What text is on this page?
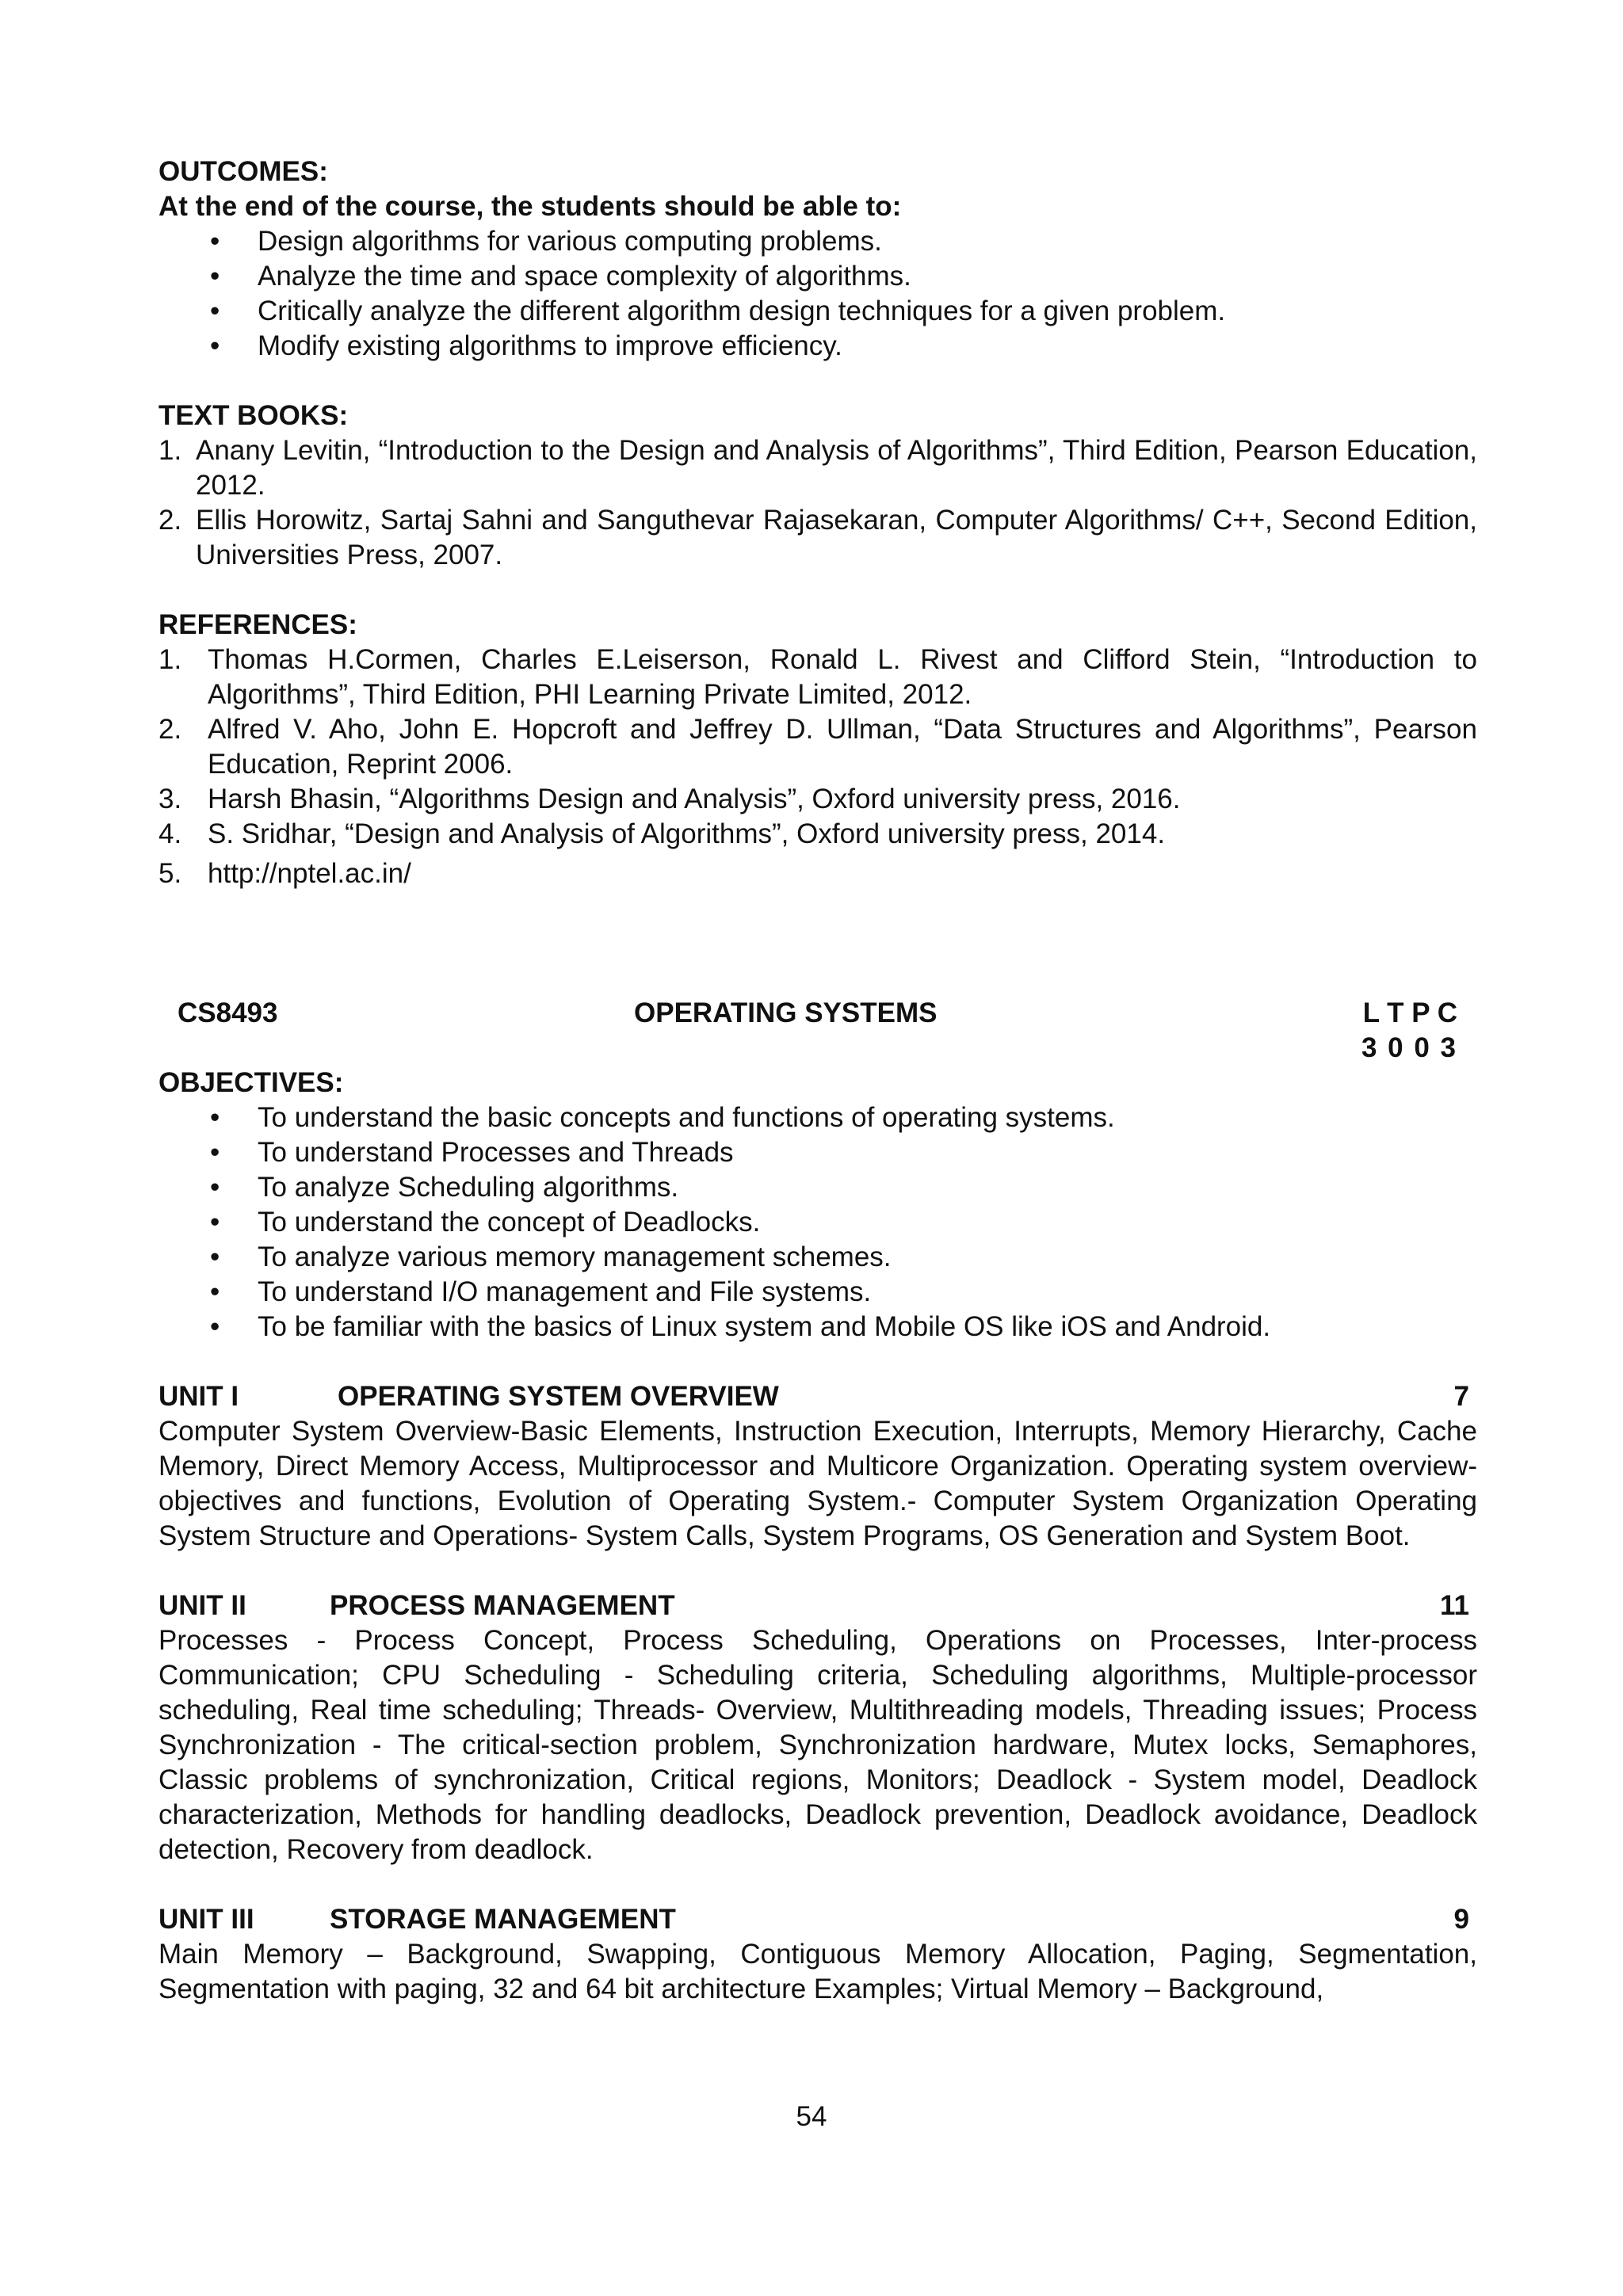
OUTCOMES:
At the end of the course, the students should be able to:
• Design algorithms for various computing problems.
• Analyze the time and space complexity of algorithms.
• Critically analyze the different algorithm design techniques for a given problem.
• Modify existing algorithms to improve efficiency.
TEXT BOOKS:
1. Anany Levitin, “Introduction to the Design and Analysis of Algorithms”, Third Edition, Pearson Education, 2012.
2. Ellis Horowitz, Sartaj Sahni and Sanguthevar Rajasekaran, Computer Algorithms/ C++, Second Edition, Universities Press, 2007.
REFERENCES:
1. Thomas H.Cormen, Charles E.Leiserson, Ronald L. Rivest and Clifford Stein, “Introduction to Algorithms”, Third Edition, PHI Learning Private Limited, 2012.
2. Alfred V. Aho, John E. Hopcroft and Jeffrey D. Ullman, “Data Structures and Algorithms”, Pearson Education, Reprint 2006.
3. Harsh Bhasin, “Algorithms Design and Analysis”, Oxford university press, 2016.
4. S. Sridhar, “Design and Analysis of Algorithms”, Oxford university press, 2014.
5. http://nptel.ac.in/
CS8493	OPERATING SYSTEMS	L T P C
3 0 0 3
OBJECTIVES:
• To understand the basic concepts and functions of operating systems.
• To understand Processes and Threads
• To analyze Scheduling algorithms.
• To understand the concept of Deadlocks.
• To analyze various memory management schemes.
• To understand I/O management and File systems.
• To be familiar with the basics of Linux system and Mobile OS like iOS and Android.
UNIT I	OPERATING SYSTEM OVERVIEW	7

Computer System Overview-Basic Elements, Instruction Execution, Interrupts, Memory Hierarchy, Cache Memory, Direct Memory Access, Multiprocessor and Multicore Organization. Operating system overview-objectives and functions, Evolution of Operating System.- Computer System Organization Operating System Structure and Operations- System Calls, System Programs, OS Generation and System Boot.

UNIT II	PROCESS MANAGEMENT	11

Processes - Process Concept, Process Scheduling, Operations on Processes, Inter-process Communication; CPU Scheduling - Scheduling criteria, Scheduling algorithms, Multiple-processor scheduling, Real time scheduling; Threads- Overview, Multithreading models, Threading issues; Process Synchronization - The critical-section problem, Synchronization hardware, Mutex locks, Semaphores, Classic problems of synchronization, Critical regions, Monitors; Deadlock - System model, Deadlock characterization, Methods for handling deadlocks, Deadlock prevention, Deadlock avoidance, Deadlock detection, Recovery from deadlock.

UNIT III	STORAGE MANAGEMENT	9

Main Memory – Background, Swapping, Contiguous Memory Allocation, Paging, Segmentation, Segmentation with paging, 32 and 64 bit architecture Examples; Virtual Memory – Background,

54
